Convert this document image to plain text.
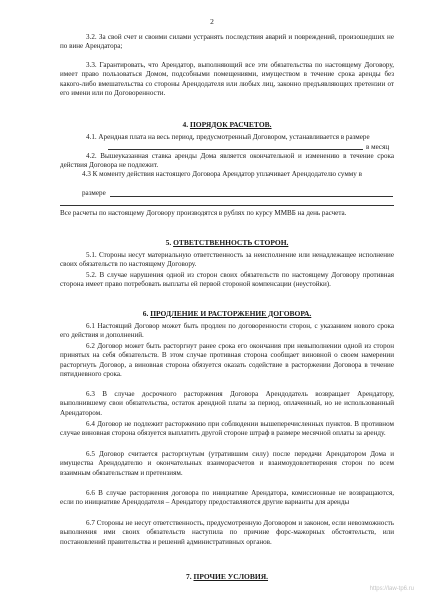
2

3.2. За свой счет и своими силами устранять последствия аварий и повреждений, произошедших не по вине Арендатора;

3.3. Гарантировать, что Арендатор, выполняющий все эти обязательства по настоящему Договору, имеет право пользоваться Домом, подсобными помещениями, имуществом в течение срока аренды без какого-либо вмешательства со стороны Арендодателя или любых лиц, законно предъявляющих претензии от его имени или по Договоренности.

4. ПОРЯДОК РАСЧЕТОВ.

4.1. Арендная плата на весь период, предусмотренный Договором, устанавливается в размере

в месяц

4.2. Вышеуказанная ставка аренды Дома является окончательной и изменению в течение срока действия Договора не подлежит.

4.3 К моменту действия настоящего Договора Арендатор уплачивает Арендодателю сумму в

размере

Все расчеты по настоящему Договору производятся в рублях по курсу ММВБ на день расчета.

5. ОТВЕТСТВЕННОСТЬ СТОРОН.

5.1. Стороны несут материальную ответственность за неисполнение или ненадлежащее исполнение своих обязательств по настоящему Договору.

5.2. В случае нарушения одной из сторон своих обязательств по настоящему Договору противная сторона имеет право потребовать выплаты ей первой стороной компенсации (неустойки).

6. ПРОДЛЕНИЕ И РАСТОРЖЕНИЕ ДОГОВОРА.

6.1 Настоящий Договор может быть продлен по договоренности сторон, с указанием нового срока его действия и дополнений.

6.2 Договор может быть расторгнут ранее срока его окончания при невыполнении одной из сторон принятых на себя обязательств. В этом случае противная сторона сообщает виновной о своем намерении расторгнуть Договор, а виновная сторона обязуется оказать содействие в расторжении Договора в течение пятидневного срока.

6.3 В случае досрочного расторжения Договора Арендодатель возвращает Арендатору, выполнившему свои обязательства, остаток арендной платы за период, оплаченный, но не использованный Арендатором.

6.4 Договор не подлежит расторжению при соблюдении вышеперечисленных пунктов. В противном случае виновная сторона обязуется выплатить другой стороне штраф в размере месячной оплаты за аренду.

6.5 Договор считается расторгнутым (утратившим силу) после передачи Арендатором Дома и имущества Арендодателю и окончательных взаиморасчетов и взаимоудовлетворения сторон по всем взаимным обязательствам и претензиям.

6.6 В случае расторжения договора по инициативе Арендатора, комиссионные не возвращаются, если по инициативе Арендодателя – Арендатору предоставляются другие варианты для аренды

6.7 Стороны не несут ответственность, предусмотренную Договором и законом, если невозможность выполнения ими своих обязательств наступила по причине форс-мажорных обстоятельств, или постановлений правительства и решений административных органов.

7. ПРОЧИЕ УСЛОВИЯ.

https://law-tp6.ru
